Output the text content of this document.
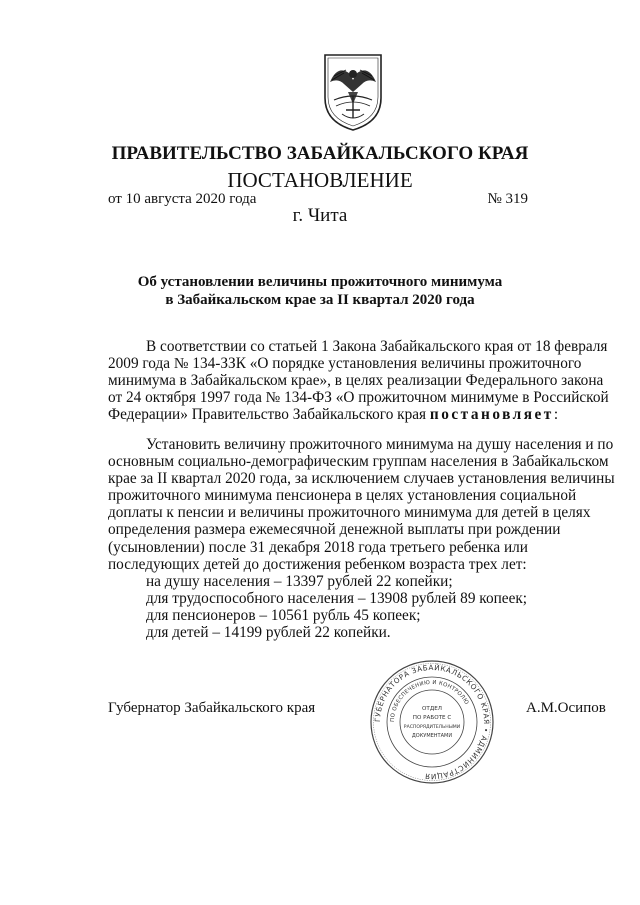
ПРАВИТЕЛЬСТВО ЗАБАЙКАЛЬСКОГО КРАЯ
ПОСТАНОВЛЕНИЕ
от 10 августа 2020 года	№ 319
г. Чита
Об установлении величины прожиточного минимума
в Забайкальском крае за II квартал 2020 года
В соответствии со статьей 1 Закона Забайкальского края от 18 февраля
2009 года № 134-ЗЗК «О порядке установления величины прожиточного
минимума в Забайкальском крае», в целях реализации Федерального закона
от 24 октября 1997 года № 134-ФЗ «О прожиточном минимуме в Российской
Федерации» Правительство Забайкальского края постановляет:
Установить величину прожиточного минимума на душу населения и по
основным социально-демографическим группам населения в Забайкальском
крае за II квартал 2020 года, за исключением случаев установления величины
прожиточного минимума пенсионера в целях установления социальной
доплаты к пенсии и величины прожиточного минимума для детей в целях
определения размера ежемесячной денежной выплаты при рождении
(усыновлении) после 31 декабря 2018 года третьего ребенка или
последующих детей до достижения ребенком возраста трех лет:
на душу населения – 13397 рублей 22 копейки;
для трудоспособного населения – 13908 рублей 89 копеек;
для пенсионеров – 10561 рубль 45 копеек;
для детей – 14199 рублей 22 копейки.
ГУБЕРНАТОРА ЗАБАЙКАЛЬСКОГО КРАЯ • АДМИНИСТРАЦИЯ
ПО ОБЕСПЕЧЕНИЮ И КОНТРОЛЮ
ОТДЕЛ
ПО РАБОТЕ С
РАСПОРЯДИТЕЛЬНЫМИ
ДОКУМЕНТАМИ
Губернатор Забайкальского края	А.М.Осипов
